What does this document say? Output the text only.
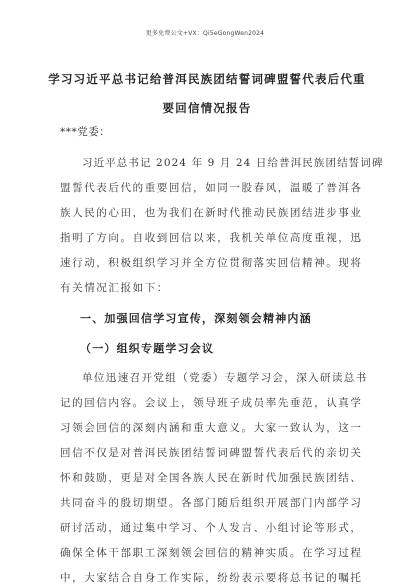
更多免费公文+VX：Qi5eGongWen2024
学习习近平总书记给普洱民族团结誓词碑盟誓代表后代重
要回信情况报告
***党委：
习近平总书记 2024 年 9 月 24 日给普洱民族团结誓词碑
盟誓代表后代的重要回信，如同一股春风，温暖了普洱各
族人民的心田，也为我们在新时代推动民族团结进步事业
指明了方向。自收到回信以来，我机关单位高度重视，迅
速行动，积极组织学习并全方位贯彻落实回信精神。现将
有关情况汇报如下：
一、加强回信学习宣传，深刻领会精神内涵
（一）组织专题学习会议
单位迅速召开党组（党委）专题学习会，深入研读总书
记的回信内容。会议上，领导班子成员率先垂范，认真学
习领会回信的深刻内涵和重大意义。大家一致认为，这一
回信不仅是对普洱民族团结誓词碑盟誓代表后代的亲切关
怀和鼓励，更是对全国各族人民在新时代加强民族团结、
共同奋斗的殷切期望。各部门随后组织开展部门内部学习
研讨活动，通过集中学习、个人发言、小组讨论等形式，
确保全体干部职工深刻领会回信的精神实质。在学习过程
中，大家结合自身工作实际，纷纷表示要将总书记的嘱托
